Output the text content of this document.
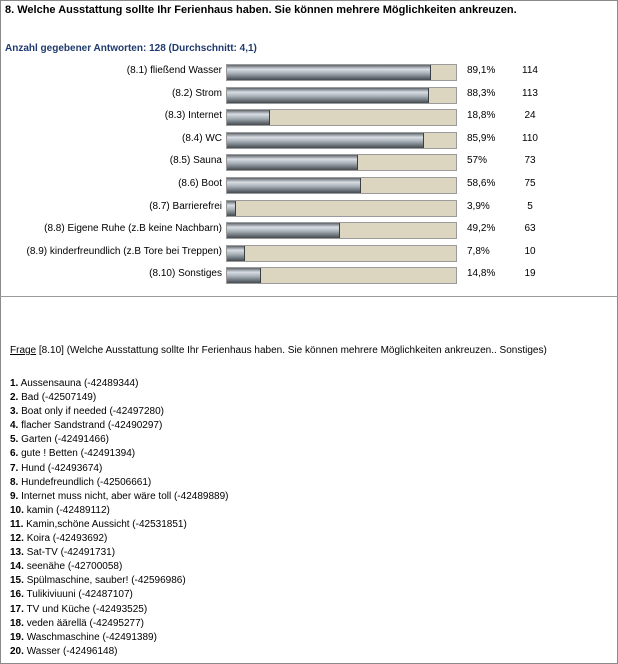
8. Welche Ausstattung sollte Ihr Ferienhaus haben. Sie können mehrere Möglichkeiten ankreuzen.
Anzahl gegebener Antworten: 128 (Durchschnitt: 4,1)
(8.1) fließend Wasser	89,1%	114
(8.2) Strom	88,3%	113
(8.3) Internet	18,8%	24
(8.4) WC	85,9%	110
(8.5) Sauna	57%	73
(8.6) Boot	58,6%	75
(8.7) Barrierefrei	3,9%	5
(8.8) Eigene Ruhe (z.B keine Nachbarn)	49,2%	63
(8.9) kinderfreundlich (z.B Tore bei Treppen)	7,8%	10
(8.10) Sonstiges	14,8%	19
Frage [8.10] (Welche Ausstattung sollte Ihr Ferienhaus haben. Sie können mehrere Möglichkeiten ankreuzen.. Sonstiges)
1. Aussensauna (-42489344)
2. Bad (-42507149)
3. Boat only if needed (-42497280)
4. flacher Sandstrand (-42490297)
5. Garten (-42491466)
6. gute ! Betten (-42491394)
7. Hund (-42493674)
8. Hundefreundlich (-42506661)
9. Internet muss nicht, aber wäre toll (-42489889)
10. kamin (-42489112)
11. Kamin,schöne Aussicht (-42531851)
12. Koira (-42493692)
13. Sat-TV (-42491731)
14. seenähe (-42700058)
15. Spülmaschine, sauber! (-42596986)
16. Tulikiviuuni (-42487107)
17. TV und Küche (-42493525)
18. veden äärellä (-42495277)
19. Waschmaschine (-42491389)
20. Wasser (-42496148)
